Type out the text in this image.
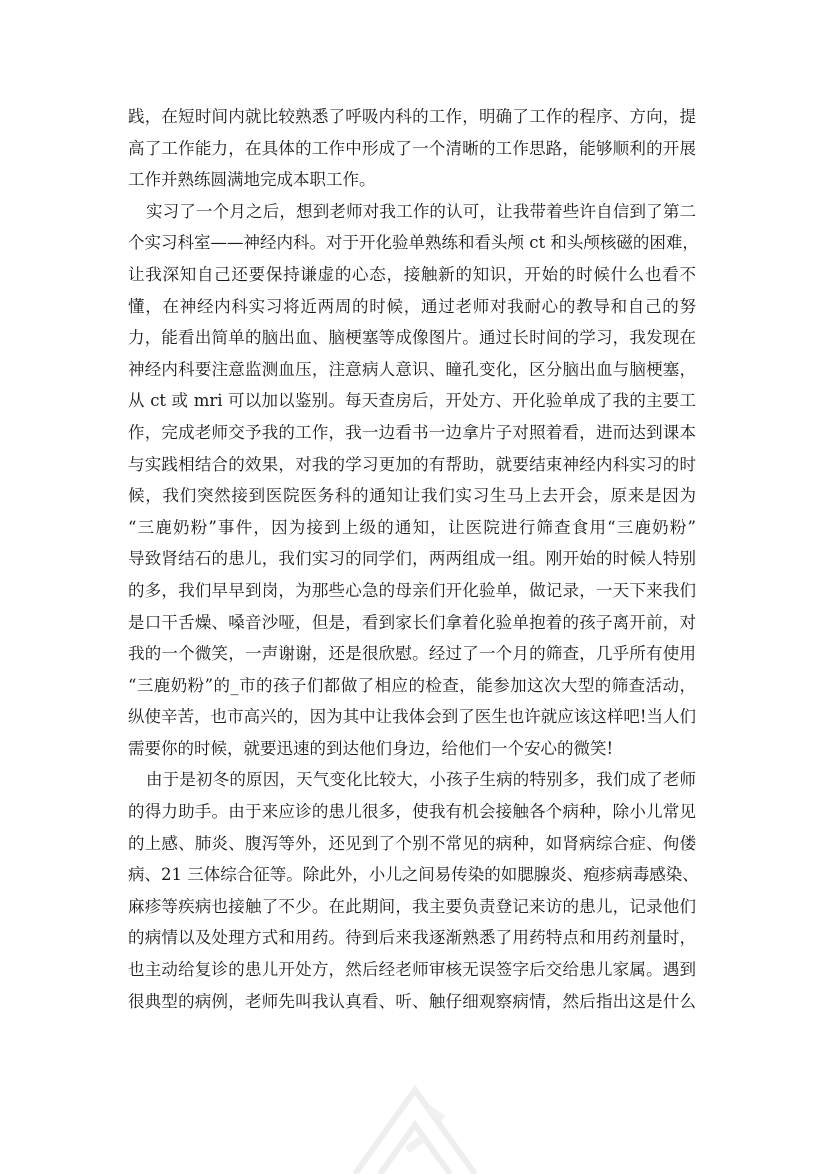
践，在短时间内就比较熟悉了呼吸内科的工作，明确了工作的程序、方向，提
高了工作能力，在具体的工作中形成了一个清晰的工作思路，能够顺利的开展
工作并熟练圆满地完成本职工作。
实习了一个月之后，想到老师对我工作的认可，让我带着些许自信到了第二
个实习科室——神经内科。对于开化验单熟练和看头颅 ct 和头颅核磁的困难，
让我深知自己还要保持谦虚的心态，接触新的知识，开始的时候什么也看不
懂，在神经内科实习将近两周的时候，通过老师对我耐心的教导和自己的努
力，能看出简单的脑出血、脑梗塞等成像图片。通过长时间的学习，我发现在
神经内科要注意监测血压，注意病人意识、瞳孔变化，区分脑出血与脑梗塞，
从 ct 或 mri 可以加以鉴别。每天查房后，开处方、开化验单成了我的主要工
作，完成老师交予我的工作，我一边看书一边拿片子对照着看，进而达到课本
与实践相结合的效果，对我的学习更加的有帮助，就要结束神经内科实习的时
候，我们突然接到医院医务科的通知让我们实习生马上去开会，原来是因为
“三鹿奶粉”事件，因为接到上级的通知，让医院进行筛查食用“三鹿奶粉”
导致肾结石的患儿，我们实习的同学们，两两组成一组。刚开始的时候人特别
的多，我们早早到岗，为那些心急的母亲们开化验单，做记录，一天下来我们
是口干舌燥、嗓音沙哑，但是，看到家长们拿着化验单抱着的孩子离开前，对
我的一个微笑，一声谢谢，还是很欣慰。经过了一个月的筛查，几乎所有使用
“三鹿奶粉”的_市的孩子们都做了相应的检查，能参加这次大型的筛查活动，
纵使辛苦，也市高兴的，因为其中让我体会到了医生也许就应该这样吧!当人们
需要你的时候，就要迅速的到达他们身边，给他们一个安心的微笑!
由于是初冬的原因，天气变化比较大，小孩子生病的特别多，我们成了老师
的得力助手。由于来应诊的患儿很多，使我有机会接触各个病种，除小儿常见
的上感、肺炎、腹泻等外，还见到了个别不常见的病种，如肾病综合症、佝偻
病、21 三体综合征等。除此外，小儿之间易传染的如腮腺炎、疱疹病毒感染、
麻疹等疾病也接触了不少。在此期间，我主要负责登记来访的患儿，记录他们
的病情以及处理方式和用药。待到后来我逐渐熟悉了用药特点和用药剂量时，
也主动给复诊的患儿开处方，然后经老师审核无误签字后交给患儿家属。遇到
很典型的病例，老师先叫我认真看、听、触仔细观察病情，然后指出这是什么
